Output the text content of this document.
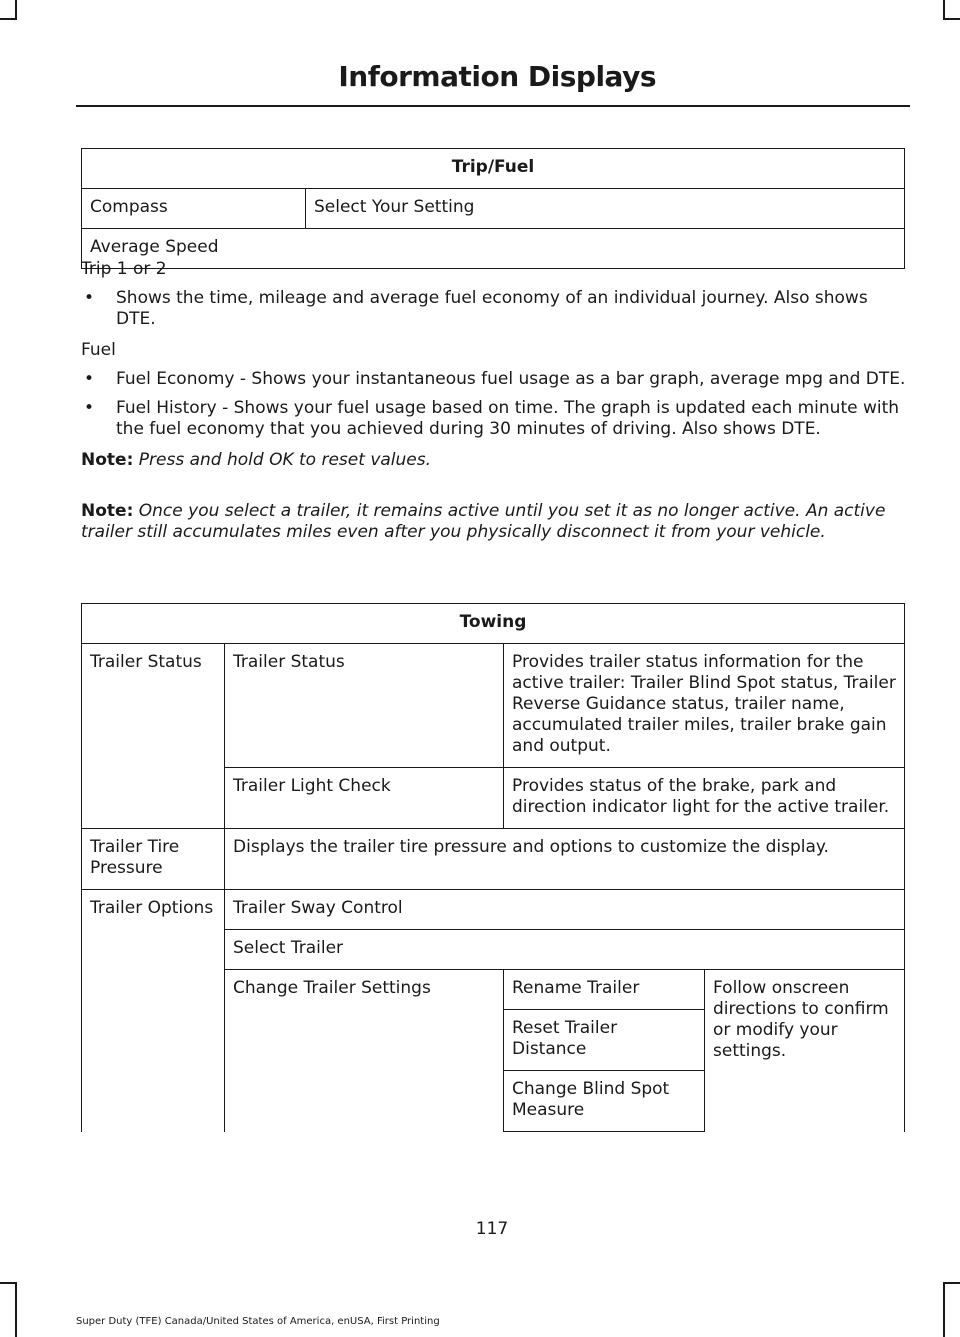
Information Displays
Trip/Fuel
Compass	Select Your Setting
Average Speed

Trip 1 or 2

• Shows the time, mileage and average fuel economy of an individual journey. Also shows DTE.

Fuel

• Fuel Economy - Shows your instantaneous fuel usage as a bar graph, average mpg and DTE.
• Fuel History - Shows your fuel usage based on time. The graph is updated each minute with the fuel economy that you achieved during 30 minutes of driving. Also shows DTE.

Note: Press and hold OK to reset values.

Note: Once you select a trailer, it remains active until you set it as no longer active. An active trailer still accumulates miles even after you physically disconnect it from your vehicle.

Towing			
Trailer Status	Trailer Status	Provides trailer status information for the active trailer: Trailer Blind Spot status, Trailer Reverse Guidance status, trailer name, accumulated trailer miles, trailer brake gain and output.	
	Trailer Light Check	Provides status of the brake, park and direction indicator light for the active trailer.	
Trailer Tire Pressure	Displays the trailer tire pressure and options to customize the display.		
Trailer Options	Trailer Sway Control		
	Select Trailer		
	Change Trailer Settings	Rename Trailer	Follow onscreen directions to confirm or modify your settings.
		Reset Trailer Distance	
		Change Blind Spot Measure	
117
Super Duty (TFE) Canada/United States of America, enUSA, First Printing
